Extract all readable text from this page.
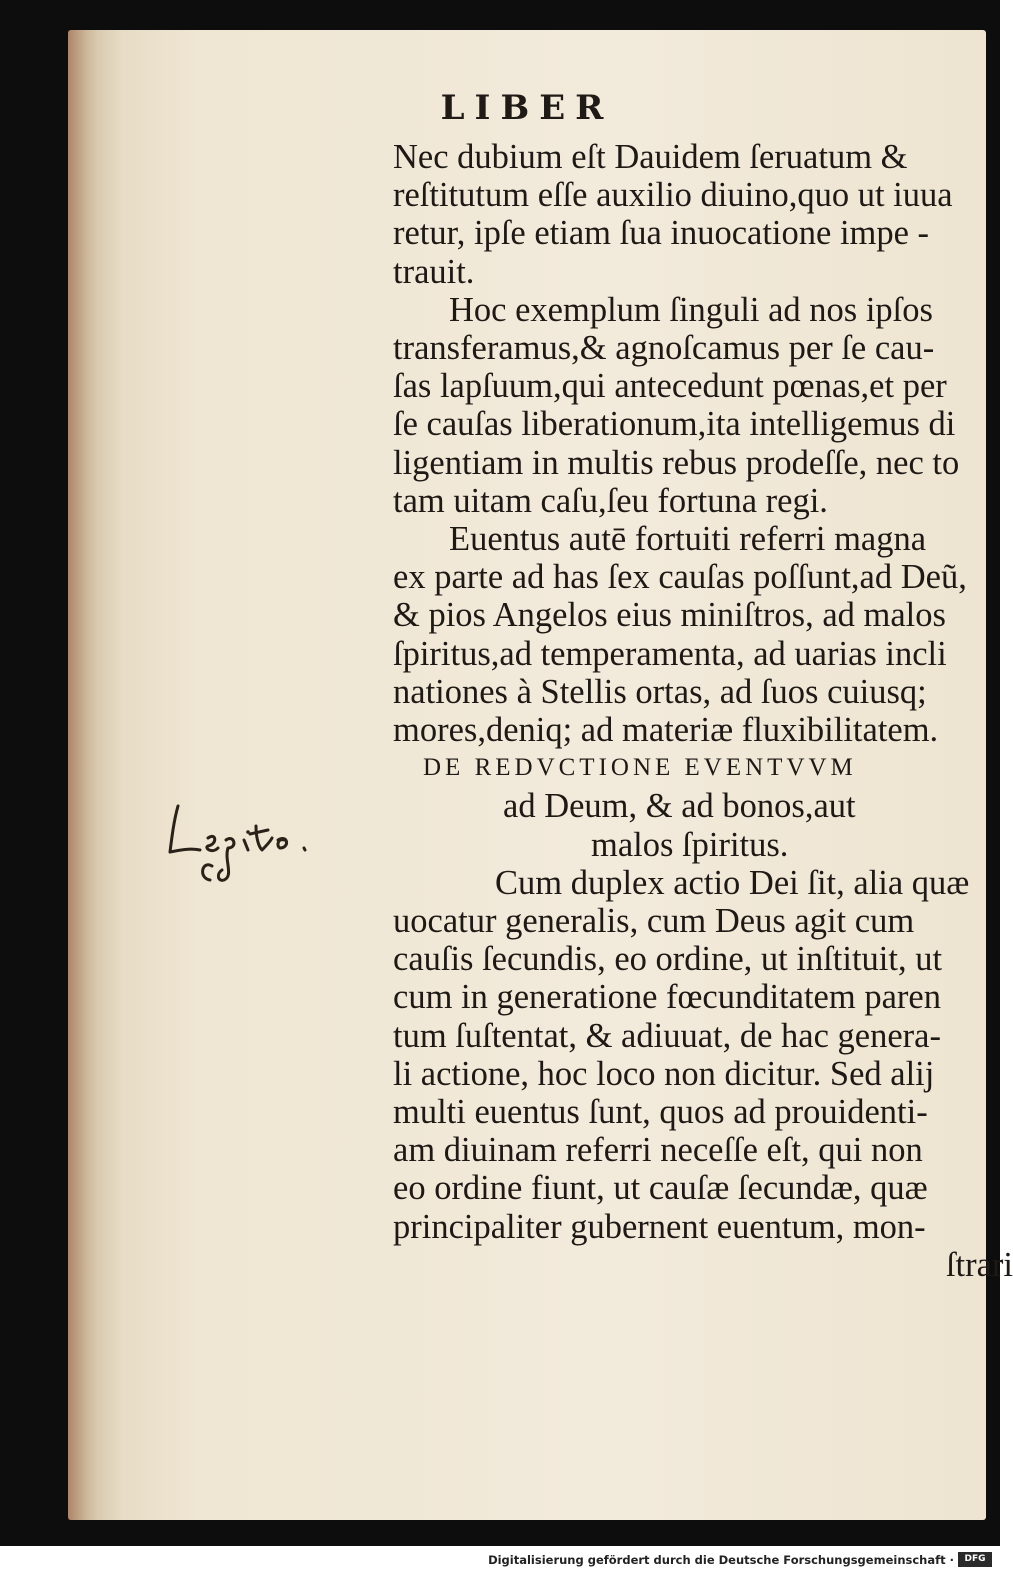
LIBER
Nec dubium eſt Dauidem ſeruatum &
reſtitutum eſſe auxilio diuino,quo ut iuua
retur, ipſe etiam ſua inuocatione impe -
trauit.
Hoc exemplum ſinguli ad nos ipſos
transferamus,& agnoſcamus per ſe cau-
ſas lapſuum,qui antecedunt pœnas,et per
ſe cauſas liberationum,ita intelligemus di
ligentiam in multis rebus prodeſſe, nec to
tam uitam caſu,ſeu fortuna regi.
Euentus autē fortuiti referri magna
ex parte ad has ſex cauſas poſſunt,ad Deũ,
& pios Angelos eius miniſtros, ad malos
ſpiritus,ad temperamenta, ad uarias incli
nationes à Stellis ortas, ad ſuos cuiusq;
mores,deniq; ad materiæ fluxibilitatem.
DE REDVCTIONE EVENTVVM
ad Deum, & ad bonos,aut
malos ſpiritus.
Cum duplex actio Dei ſit, alia quæ
uocatur generalis, cum Deus agit cum
cauſis ſecundis, eo ordine, ut inſtituit, ut
cum in generatione fœcunditatem paren
tum ſuſtentat, & adiuuat, de hac genera-
li actione, hoc loco non dicitur. Sed alij
multi euentus ſunt, quos ad prouidenti-
am diuinam referri neceſſe eſt, qui non
eo ordine fiunt, ut cauſæ ſecundæ, quæ
principaliter gubernent euentum, mon-
ſtrari
Digitalisierung gefördert durch die Deutsche Forschungsgemeinschaft ·	DFG
